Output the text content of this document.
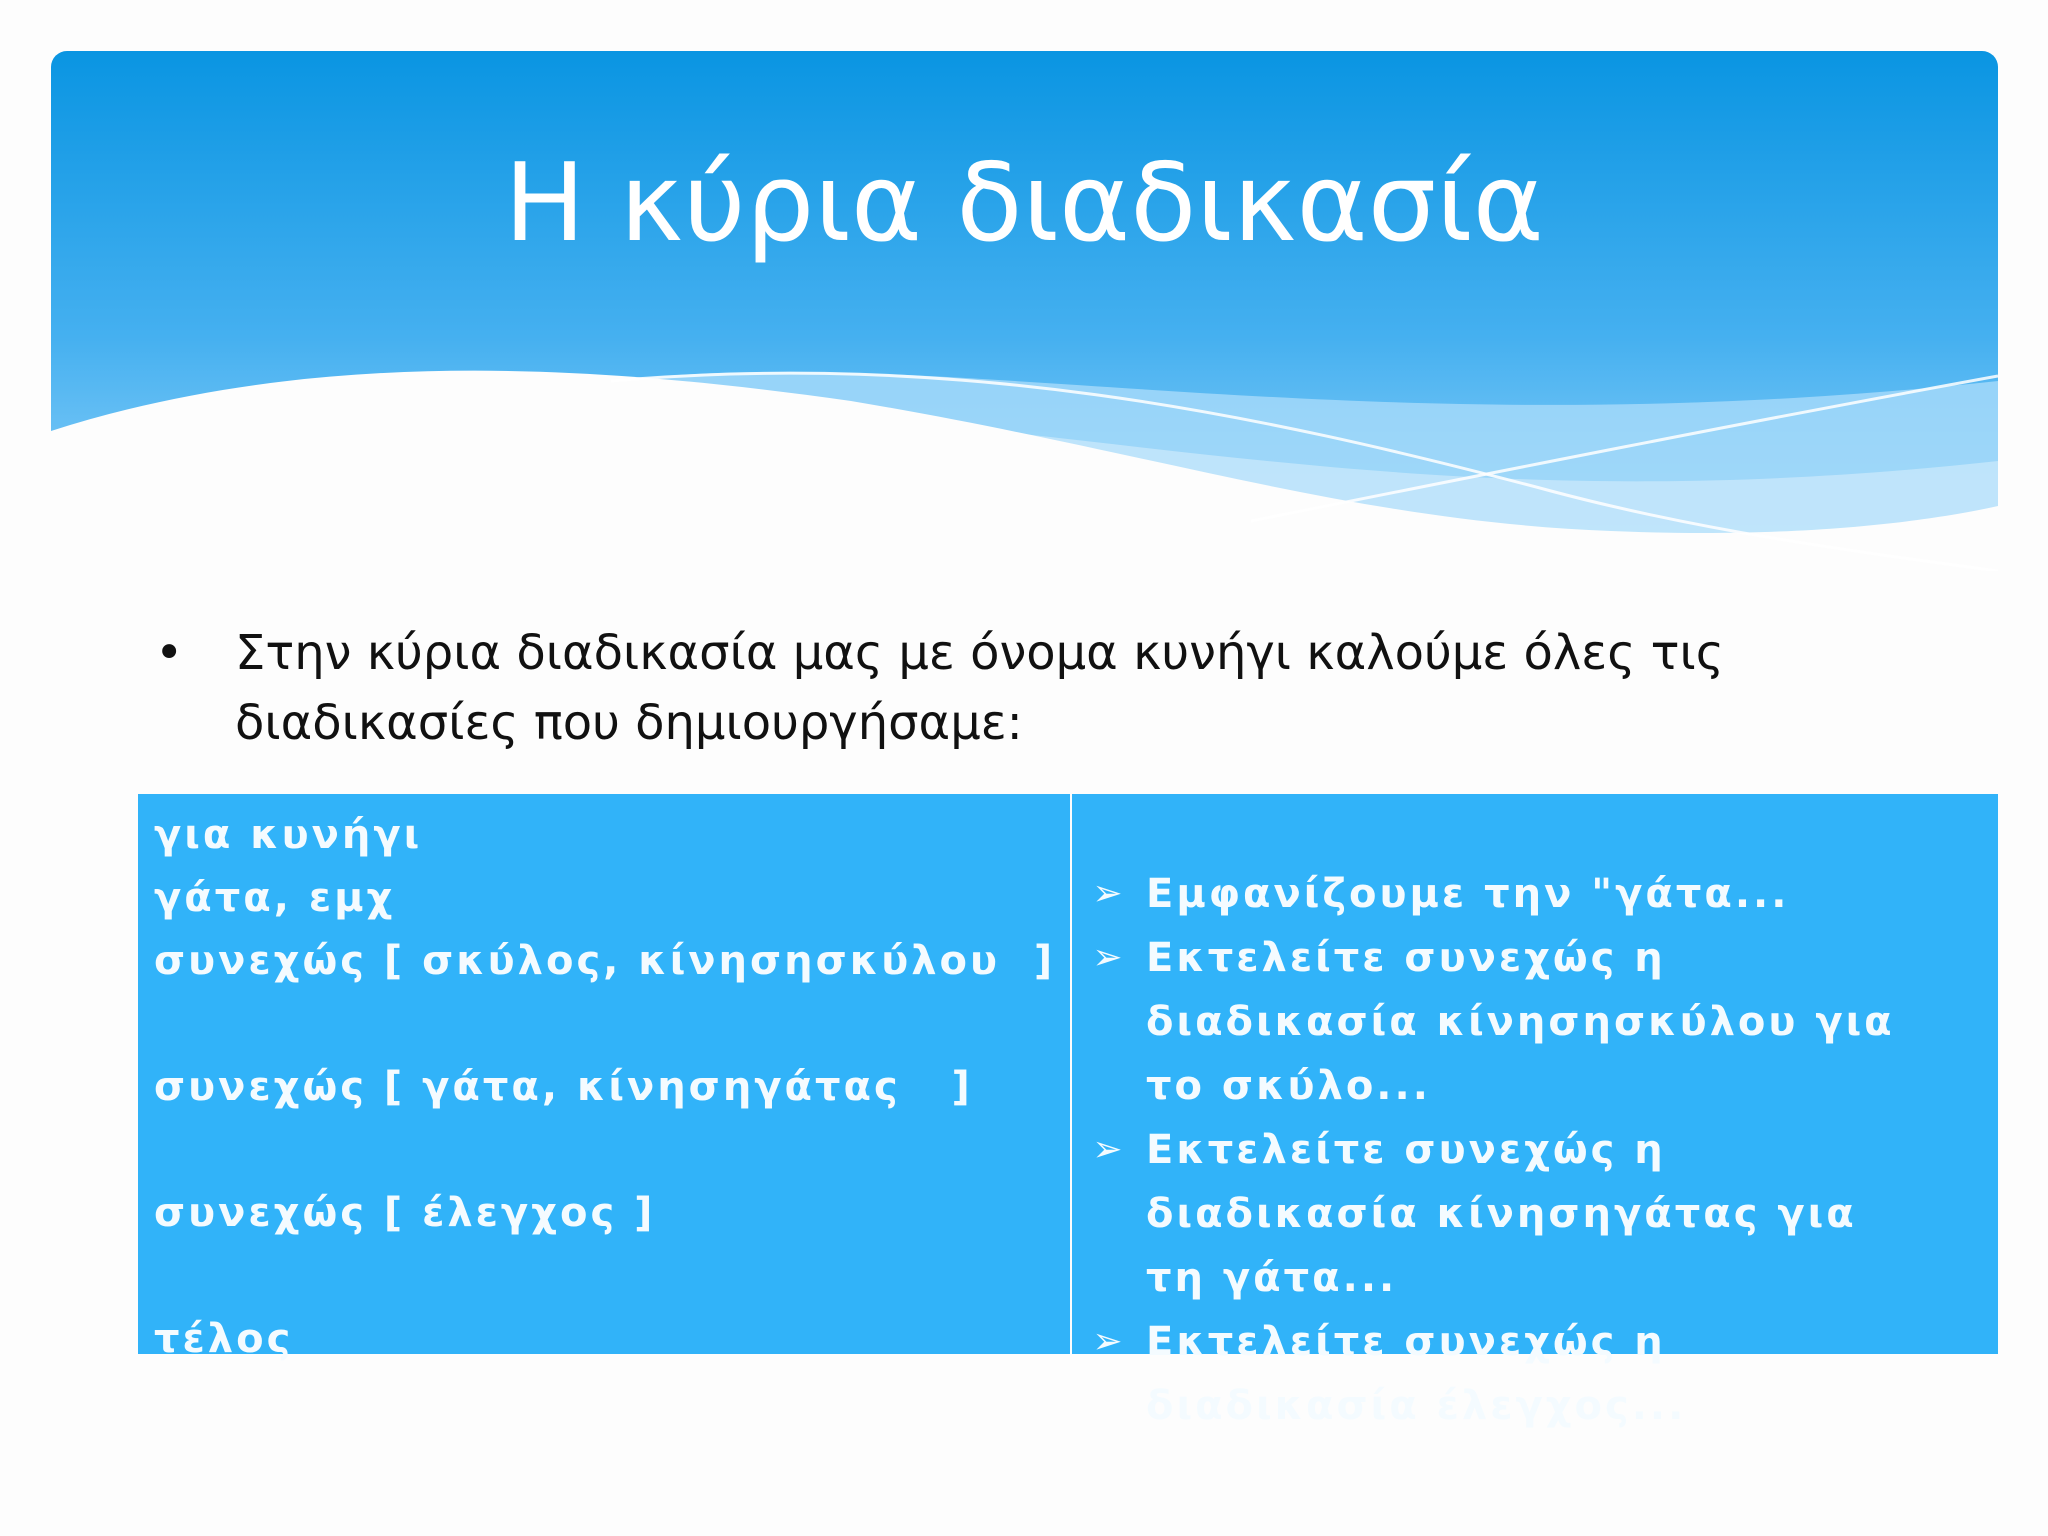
Η κύρια διαδικασία
•	Στην κύρια διαδικασία μας με όνομα κυνήγι καλούμε όλες τις διαδικασίες που δημιουργήσαμε:
για κυνήγι
γάτα, εμχ
συνεχώς [ σκύλος, κίνησησκύλου  ]
συνεχώς [ γάτα, κίνησηγάτας   ]
συνεχώς [ έλεγχος ]
τέλος
➢ Εμφανίζουμε την "γάτα...
➢ Εκτελείτε συνεχώς η διαδικασία κίνησησκύλου για το σκύλο...
➢ Εκτελείτε συνεχώς η διαδικασία κίνησηγάτας για τη γάτα...
➢ Εκτελείτε συνεχώς η διαδικασία έλεγχος...
